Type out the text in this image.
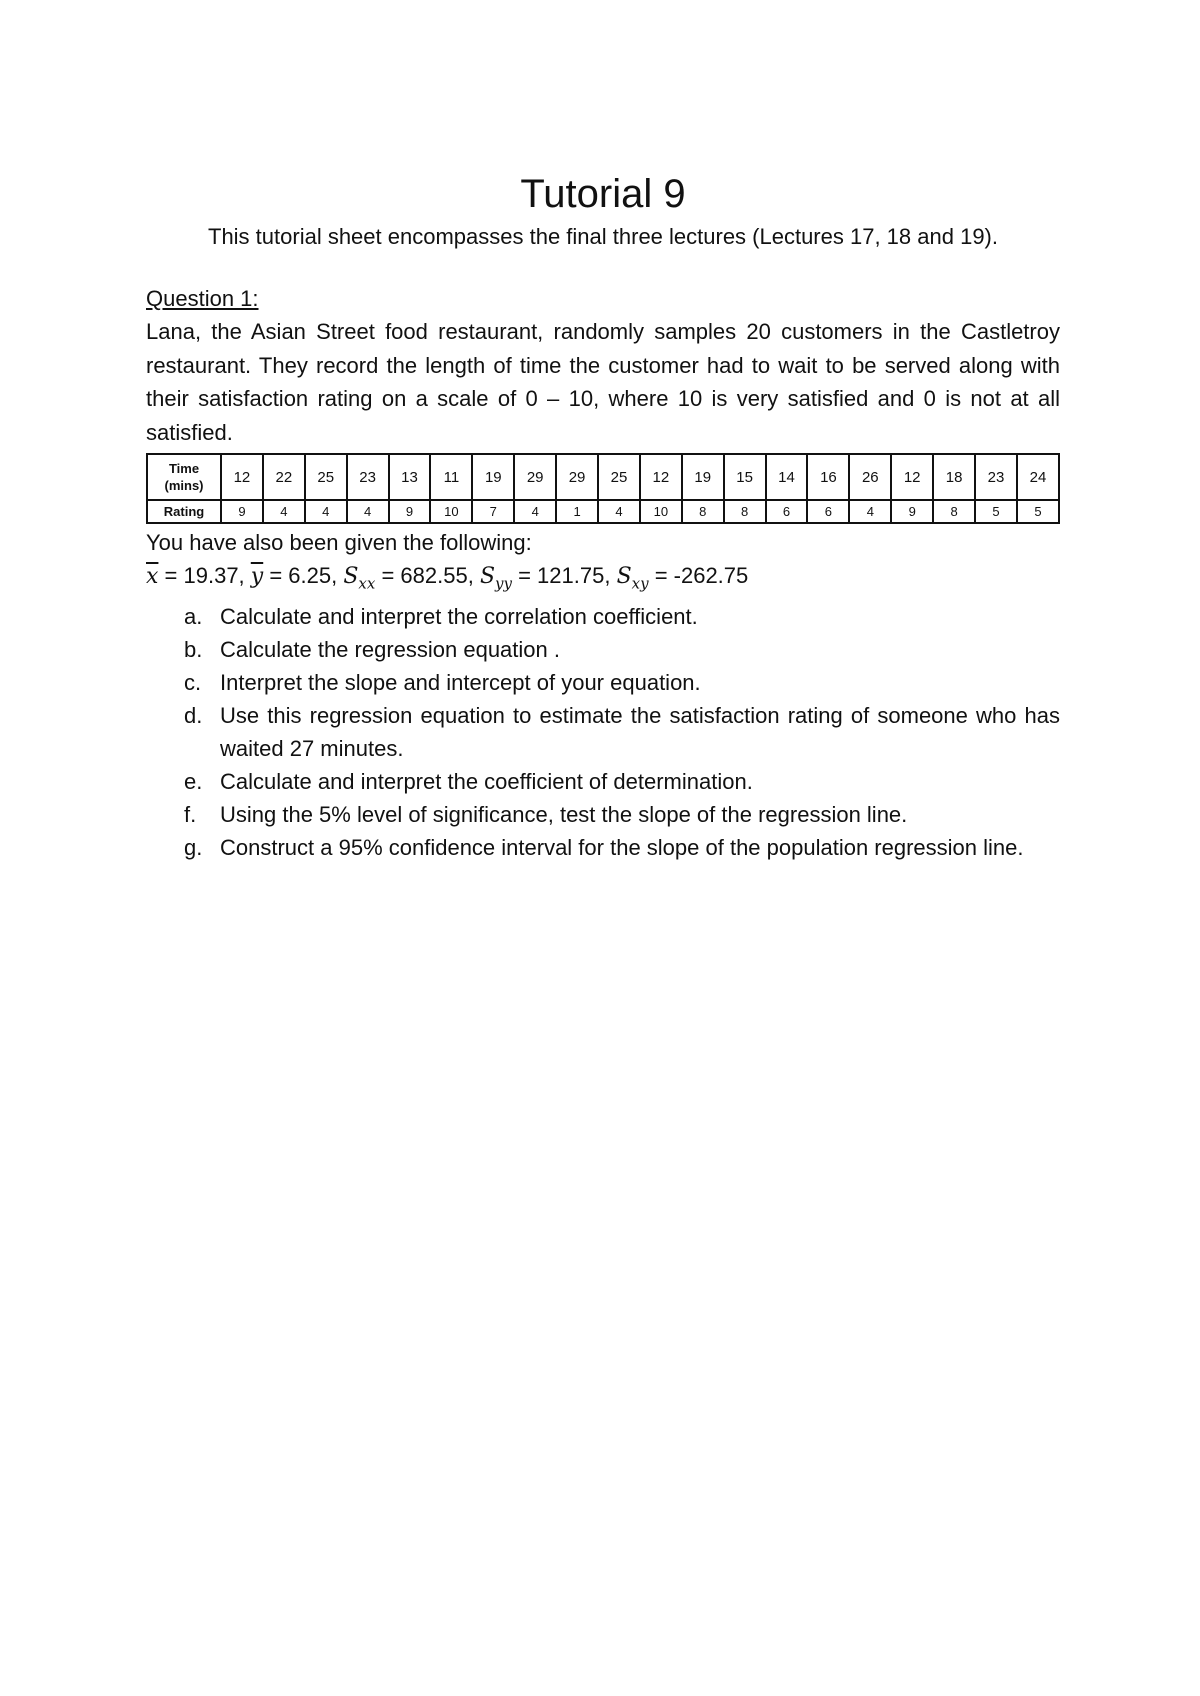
Tutorial 9

This tutorial sheet encompasses the final three lectures (Lectures 17, 18 and 19).

Question 1:

Lana, the Asian Street food restaurant, randomly samples 20 customers in the Castletroy restaurant. They record the length of time the customer had to wait to be served along with their satisfaction rating on a scale of 0 – 10, where 10 is very satisfied and 0 is not at all satisfied.

Time
(mins)	12	22	25	23	13	11	19	29	29	25	12	19	15	14	16	26	12	18	23	24
Rating	9	4	4	4	9	10	7	4	1	4	10	8	8	6	6	4	9	8	5	5

You have also been given the following:

$\overline{x} = 19.37$, $\overline{y} = 6.25$, $S_{xx} = 682.55$, $S_{yy} = 121.75$, $S_{xy} = -262.75$

a. Calculate and interpret the correlation coefficient.
b. Calculate the regression equation .
c. Interpret the slope and intercept of your equation.
d. Use this regression equation to estimate the satisfaction rating of someone who has waited 27 minutes.
e. Calculate and interpret the coefficient of determination.
f. Using the 5% level of significance, test the slope of the regression line.
g. Construct a 95% confidence interval for the slope of the population regression line.
